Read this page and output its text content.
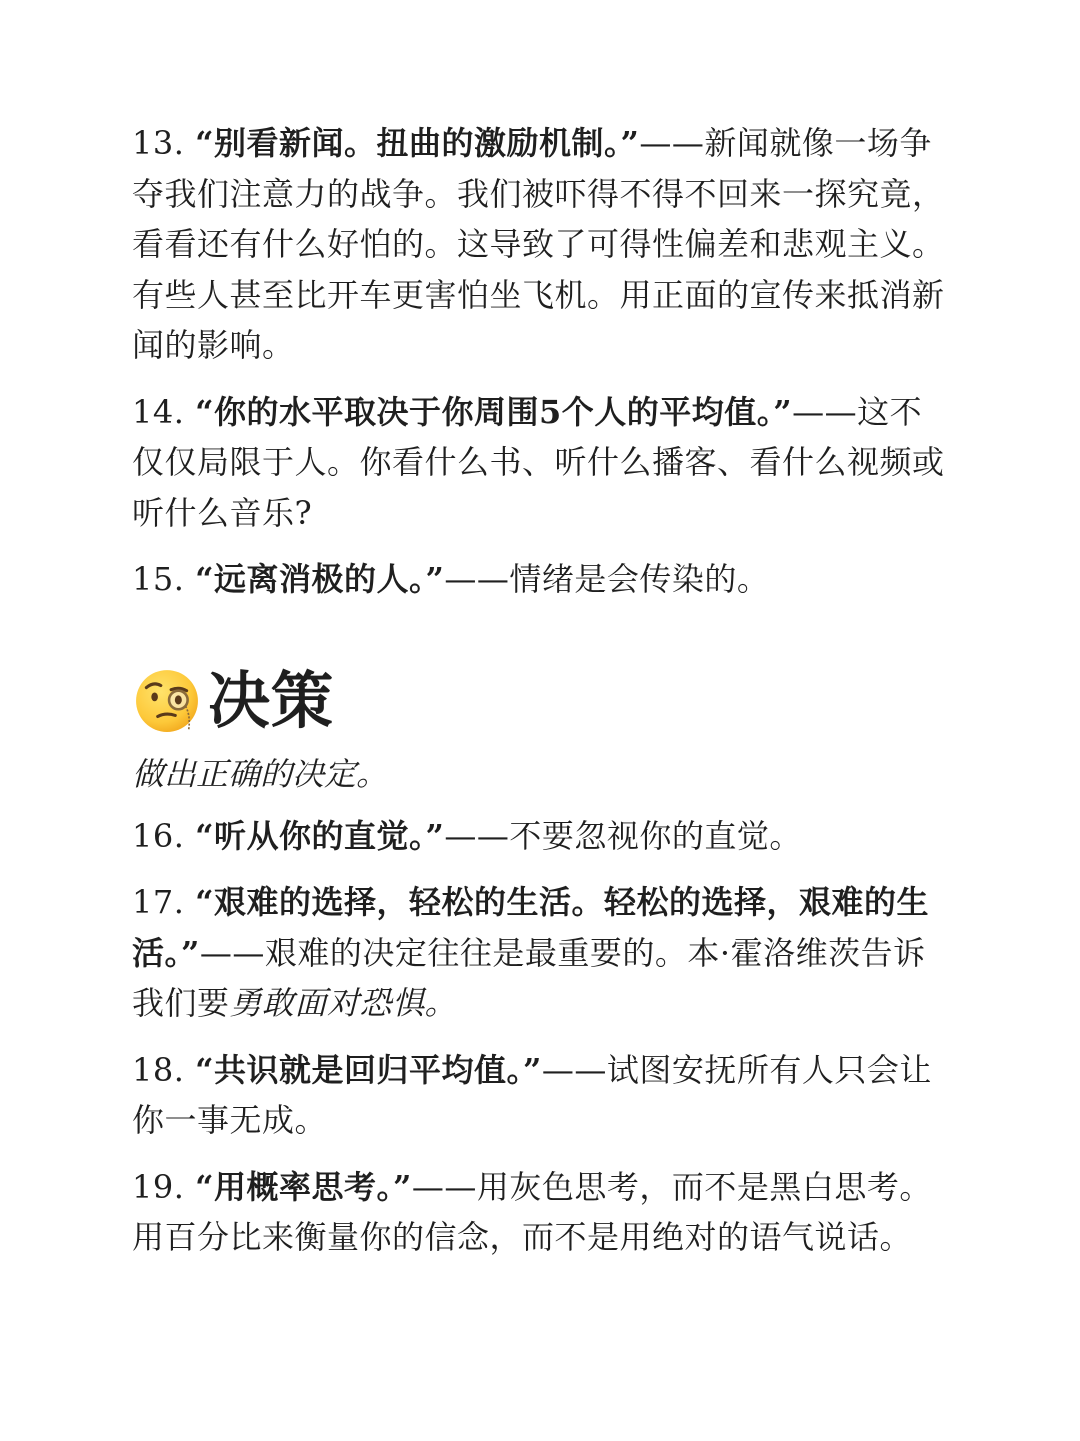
13. “别看新闻。扭曲的激励机制。”——新闻就像一场争夺我们注意力的战争。我们被吓得不得不回来一探究竟，看看还有什么好怕的。这导致了可得性偏差和悲观主义。有些人甚至比开车更害怕坐飞机。用正面的宣传来抵消新闻的影响。

14. “你的水平取决于你周围5个人的平均值。”——这不仅仅局限于人。你看什么书、听什么播客、看什么视频或听什么音乐?

15. “远离消极的人。”——情绪是会传染的。

决策

做出正确的决定。

16. “听从你的直觉。”——不要忽视你的直觉。

17. “艰难的选择，轻松的生活。轻松的选择，艰难的生活。”——艰难的决定往往是最重要的。本·霍洛维茨告诉我们要勇敢面对恐惧。

18. “共识就是回归平均值。”——试图安抚所有人只会让你一事无成。

19. “用概率思考。”——用灰色思考，而不是黑白思考。用百分比来衡量你的信念，而不是用绝对的语气说话。
